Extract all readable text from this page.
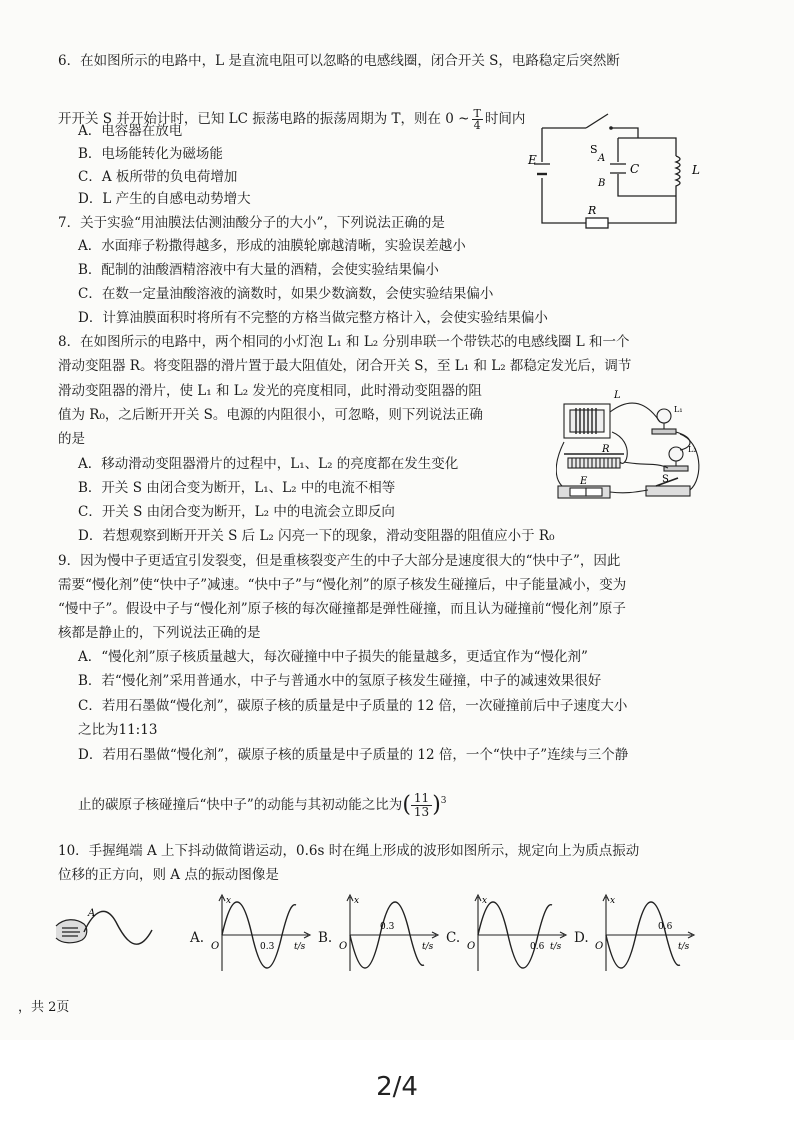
6．在如图所示的电路中，L 是直流电阻可以忽略的电感线圈，闭合开关 S，电路稳定后突然断
开开关 S 并开始计时，已知 LC 振荡电路的振荡周期为 T，则在 0 ~ $\frac{T}{4}$ 时间内
A．电容器在放电
B．电场能转化为磁场能
C．A 板所带的负电荷增加
D．L 产生的自感电动势增大
S
E	A
C
B
L
R
7．关于实验“用油膜法估测油酸分子的大小”，下列说法正确的是
A．水面痱子粉撒得越多，形成的油膜轮廓越清晰，实验误差越小
B．配制的油酸酒精溶液中有大量的酒精，会使实验结果偏小
C．在数一定量油酸溶液的滴数时，如果少数滴数，会使实验结果偏小
D．计算油膜面积时将所有不完整的方格当做完整方格计入，会使实验结果偏小
8．在如图所示的电路中，两个相同的小灯泡 L₁ 和 L₂ 分别串联一个带铁芯的电感线圈 L 和一个
滑动变阻器 R。将变阻器的滑片置于最大阻值处，闭合开关 S，至 L₁ 和 L₂ 都稳定发光后，调节
滑动变阻器的滑片，使 L₁ 和 L₂ 发光的亮度相同，此时滑动变阻器的阻
值为 R₀，之后断开开关 S。电源的内阻很小，可忽略，则下列说法正确
的是
A．移动滑动变阻器滑片的过程中，L₁、L₂ 的亮度都在发生变化
B．开关 S 由闭合变为断开，L₁、L₂ 中的电流不相等
C．开关 S 由闭合变为断开，L₂ 中的电流会立即反向
D．若想观察到断开开关 S 后 L₂ 闪亮一下的现象，滑动变阻器的阻值应小于 R₀
L
L₁
L₂
R
E	S
9．因为慢中子更适宜引发裂变，但是重核裂变产生的中子大部分是速度很大的“快中子”，因此
需要“慢化剂”使“快中子”减速。“快中子”与“慢化剂”的原子核发生碰撞后，中子能量减小，变为
“慢中子”。假设中子与“慢化剂”原子核的每次碰撞都是弹性碰撞，而且认为碰撞前“慢化剂”原子
核都是静止的，下列说法正确的是
A．“慢化剂”原子核质量越大，每次碰撞中中子损失的能量越多，更适宜作为“慢化剂”
B．若“慢化剂”采用普通水，中子与普通水中的氢原子核发生碰撞，中子的减速效果很好
C．若用石墨做“慢化剂”，碳原子核的质量是中子质量的 12 倍，一次碰撞前后中子速度大小
之比为11:13
D．若用石墨做“慢化剂”，碳原子核的质量是中子质量的 12 倍，一个“快中子”连续与三个静
止的碳原子核碰撞后“快中子”的动能与其初动能之比为( $\frac{11}{13})^3$
10．手握绳端 A 上下抖动做简谐运动，0.6s 时在绳上形成的波形如图所示，规定向上为质点振动
位移的正方向，则 A 点的振动图像是
A
A.
x
O	0.3 t/s
B.
x
O
0.3
t/s
C.
x
O	0.6 t/s
D.
x
O
0.6
t/s
，共 2页
2/4
